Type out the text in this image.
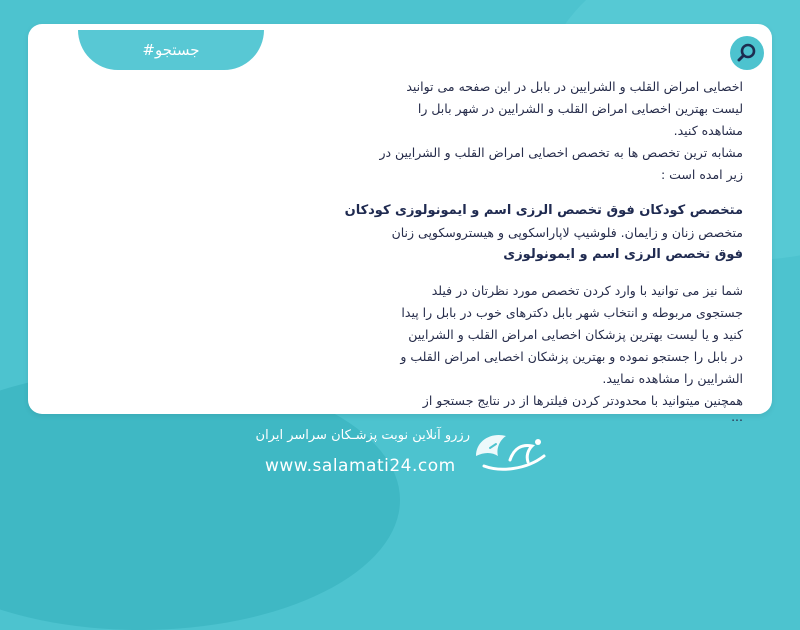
#جستجو

اخصایی امراض القلب و الشرایین در بابل در این صفحه می توانید

لیست بهترین اخصایی امراض القلب و الشرایین در شهر بابل را

مشاهده کنید.

مشابه ترین تخصص ها به تخصص اخصایی امراض القلب و الشرایین در

زیر امده است :

متخصص کودکان فوق تخصص الرزی اسم و ایمونولوزی کودکان

متخصص زنان و زایمان. فلوشیپ لاپاراسکوپی و هیستروسکوپی زنان

فوق تخصص الرزی اسم و ایمونولوزی

شما نیز می توانید با وارد کردن تخصص مورد نظرتان در فیلد

جستجوی مربوطه و انتخاب شهر بابل دکترهای خوب در بابل را پیدا

کنید و یا لیست بهترین پزشکان اخصایی امراض القلب و الشرایین

در بابل را جستجو نموده و بهترین پزشکان اخصایی امراض القلب و

الشرایین را مشاهده نمایید.

همچنین میتوانید با محدودتر کردن فیلترها از در نتایج جستجو از

...

رزرو آنلاین نوبت پزشـکان سراسر ایران
www.salamati24.com
